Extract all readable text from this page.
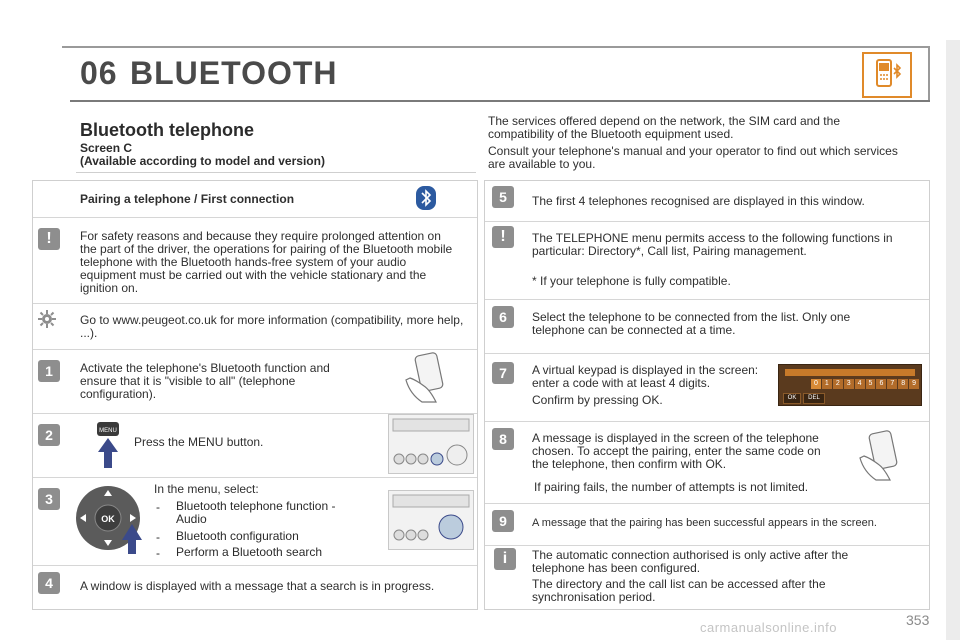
06 BLUETOOTH
Bluetooth telephone
Screen C
(Available according to model and version)
The services offered depend on the network, the SIM card and the compatibility of the Bluetooth equipment used.
Consult your telephone's manual and your operator to find out which services are available to you.
Pairing a telephone / First connection
!	For safety reasons and because they require prolonged attention on the part of the driver, the operations for pairing of the Bluetooth mobile telephone with the Bluetooth hands-free system of your audio equipment must be carried out with the vehicle stationary and the ignition on.
Go to www.peugeot.co.uk for more information (compatibility, more help, ...).
1	Activate the telephone's Bluetooth function and ensure that it is "visible to all" (telephone configuration).
2	MENU
Press the MENU button.
3
OK
In the menu, select:
- Bluetooth telephone function - Audio
- Bluetooth configuration
- Perform a Bluetooth search
4	A window is displayed with a message that a search is in progress.
5	The first 4 telephones recognised are displayed in this window.
!	The TELEPHONE menu permits access to the following functions in particular: Directory*, Call list, Pairing management.
* If your telephone is fully compatible.
6	Select the telephone to be connected from the list. Only one telephone can be connected at a time.
7	A virtual keypad is displayed in the screen: enter a code with at least 4 digits.
Confirm by pressing OK.
0	1	2	3	4	5	6	7	8	9
OK	DEL
8	A message is displayed in the screen of the telephone chosen. To accept the pairing, enter the same code on the telephone, then confirm with OK.
If pairing fails, the number of attempts is not limited.
9	A message that the pairing has been successful appears in the screen.
i	The automatic connection authorised is only active after the telephone has been configured.
The directory and the call list can be accessed after the synchronisation period.
carmanualsonline.info	353
